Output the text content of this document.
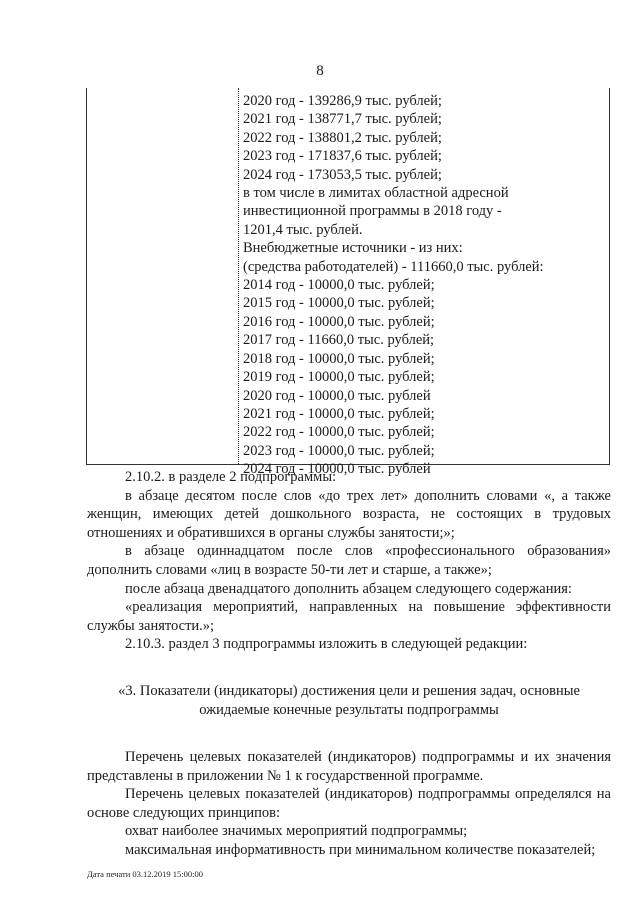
8
2020 год - 139286,9 тыс. рублей;
2021 год - 138771,7 тыс. рублей;
2022 год - 138801,2 тыс. рублей;
2023 год - 171837,6 тыс. рублей;
2024 год - 173053,5 тыс. рублей;
в том числе в лимитах областной адресной
инвестиционной программы в 2018 году -
1201,4 тыс. рублей.
Внебюджетные источники - из них:
(средства работодателей) - 111660,0 тыс. рублей:
2014 год - 10000,0 тыс. рублей;
2015 год - 10000,0 тыс. рублей;
2016 год - 10000,0 тыс. рублей;
2017 год - 11660,0 тыс. рублей;
2018 год - 10000,0 тыс. рублей;
2019 год - 10000,0 тыс. рублей;
2020 год - 10000,0 тыс. рублей
2021 год - 10000,0 тыс. рублей;
2022 год - 10000,0 тыс. рублей;
2023 год - 10000,0 тыс. рублей;
2024 год - 10000,0 тыс. рублей

2.10.2. в разделе 2 подпрограммы:

в абзаце десятом после слов «до трех лет» дополнить словами «, а также женщин, имеющих детей дошкольного возраста, не состоящих в трудовых отношениях и обратившихся в органы службы занятости;»;

в абзаце одиннадцатом после слов «профессионального образования» дополнить словами «лиц в возрасте 50-ти лет и старше, а также»;

после абзаца двенадцатого дополнить абзацем следующего содержания:

«реализация мероприятий, направленных на повышение эффективности службы занятости.»;

2.10.3. раздел 3 подпрограммы изложить в следующей редакции:

«3. Показатели (индикаторы) достижения цели и решения задач, основные ожидаемые конечные результаты подпрограммы

Перечень целевых показателей (индикаторов) подпрограммы и их значения представлены в приложении № 1 к государственной программе.

Перечень целевых показателей (индикаторов) подпрограммы определялся на основе следующих принципов:

охват наиболее значимых мероприятий подпрограммы;

максимальная информативность при минимальном количестве показателей;

Дата печати 03.12.2019 15:00:00
